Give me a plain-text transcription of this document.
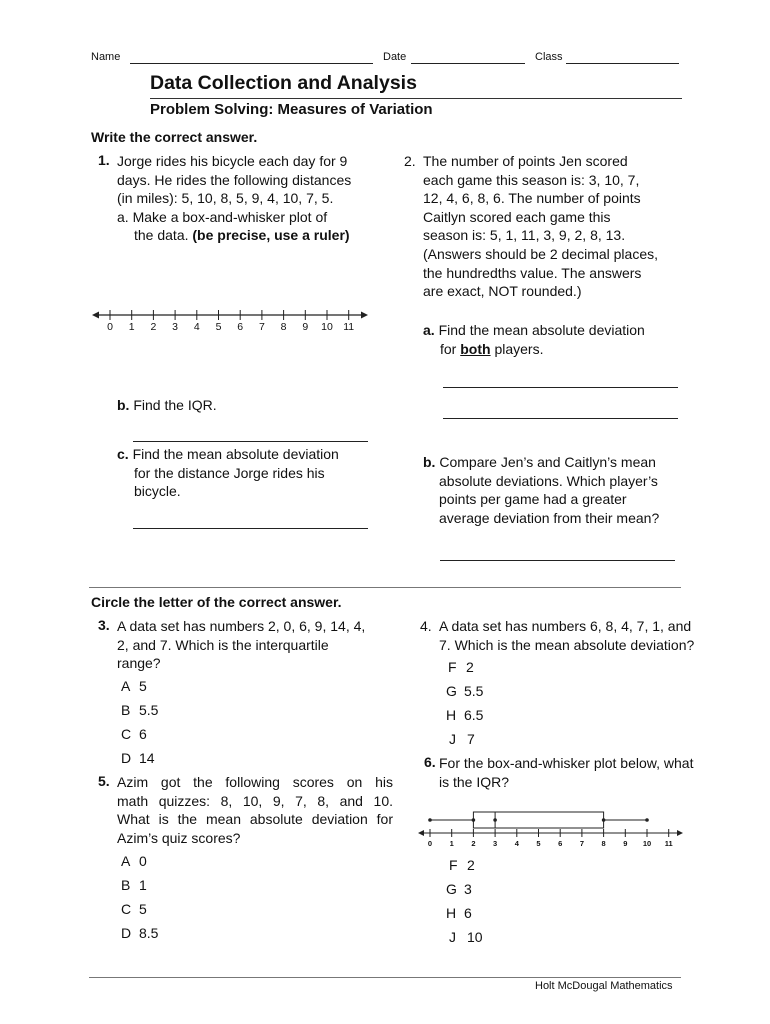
Name	Date	Class
Data Collection and Analysis
Problem Solving: Measures of Variation
Write the correct answer.
1. Jorge rides his bicycle each day for 9
days. He rides the following distances
(in miles): 5, 10, 8, 5, 9, 4, 10, 7, 5.
a. Make a box-and-whisker plot of
the data. (be precise, use a ruler)
0 1 2 3 4 5 6 7 8 9 10 11
b. Find the IQR.
c. Find the mean absolute deviation
for the distance Jorge rides his
bicycle.
2. The number of points Jen scored
each game this season is: 3, 10, 7,
12, 4, 6, 8, 6. The number of points
Caitlyn scored each game this
season is: 5, 1, 11, 3, 9, 2, 8, 13.
(Answers should be 2 decimal places,
the hundredths value. The answers
are exact, NOT rounded.)
a. Find the mean absolute deviation
for both players.
b. Compare Jen’s and Caitlyn’s mean
absolute deviations. Which player’s
points per game had a greater
average deviation from their mean?
Circle the letter of the correct answer.
3. A data set has numbers 2, 0, 6, 9, 14, 4,
2, and 7. Which is the interquartile
range?
A 5
B 5.5
C 6
D 14
5. Azim got the following scores on his
math quizzes: 8, 10, 9, 7, 8, and 10.
What is the mean absolute deviation for
Azim’s quiz scores?
A 0
B 1
C 5
D 8.5
4. A data set has numbers 6, 8, 4, 7, 1, and
7. Which is the mean absolute deviation?
F 2
G 5.5
H 6.5
J 7
6. For the box-and-whisker plot below, what
is the IQR?
0 1 2 3 4 5 6 7 8 9 10 11
F 2
G 3
H 6
J 10
Holt McDougal Mathematics
